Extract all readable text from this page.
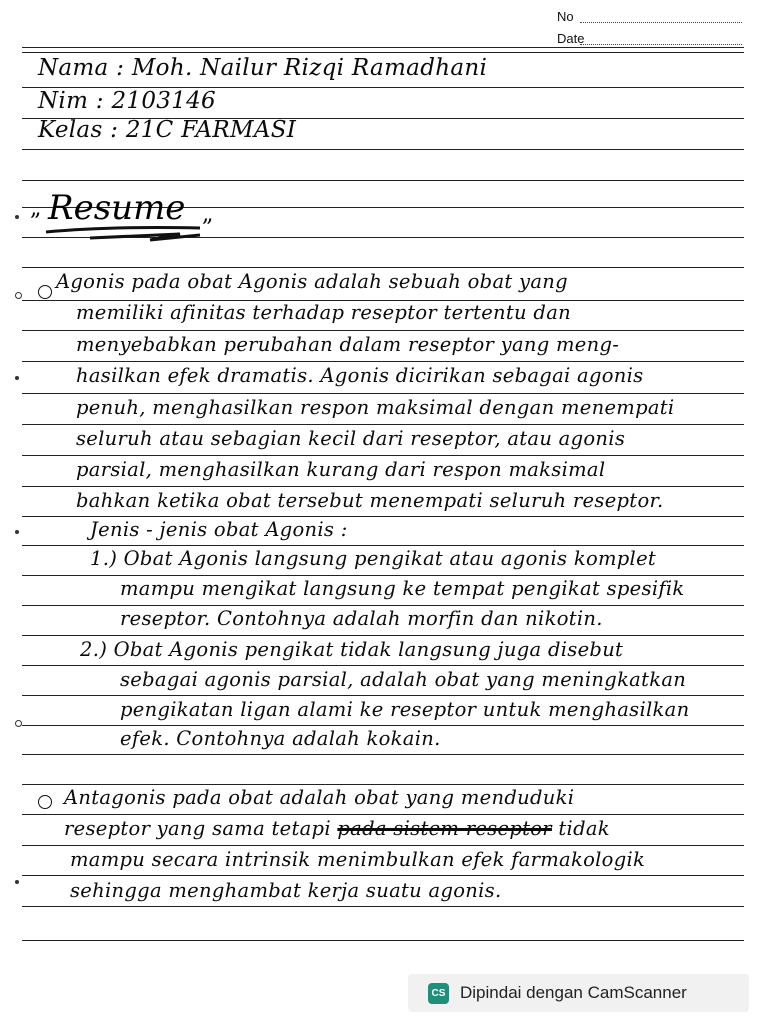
No
Date
Nama : Moh. Nailur Rizqi Ramadhani
Nim : 2103146
Kelas : 21C FARMASI
„ Resume „
Agonis pada obat Agonis adalah sebuah obat yang
memiliki afinitas terhadap reseptor tertentu dan
menyebabkan perubahan dalam reseptor yang meng-
hasilkan efek dramatis. Agonis dicirikan sebagai agonis
penuh, menghasilkan respon maksimal dengan menempati
seluruh atau sebagian kecil dari reseptor, atau agonis
parsial, menghasilkan kurang dari respon maksimal
bahkan ketika obat tersebut menempati seluruh reseptor.
Jenis - jenis obat Agonis :
1.) Obat Agonis langsung pengikat atau agonis komplet
mampu mengikat langsung ke tempat pengikat spesifik
reseptor. Contohnya adalah morfin dan nikotin.
2.) Obat Agonis pengikat tidak langsung juga disebut
sebagai agonis parsial, adalah obat yang meningkatkan
pengikatan ligan alami ke reseptor untuk menghasilkan
efek. Contohnya adalah kokain.
Antagonis pada obat adalah obat yang menduduki
reseptor yang sama tetapi pada sistem reseptor tidak
mampu secara intrinsik menimbulkan efek farmakologik
sehingga menghambat kerja suatu agonis.
CS Dipindai dengan CamScanner
